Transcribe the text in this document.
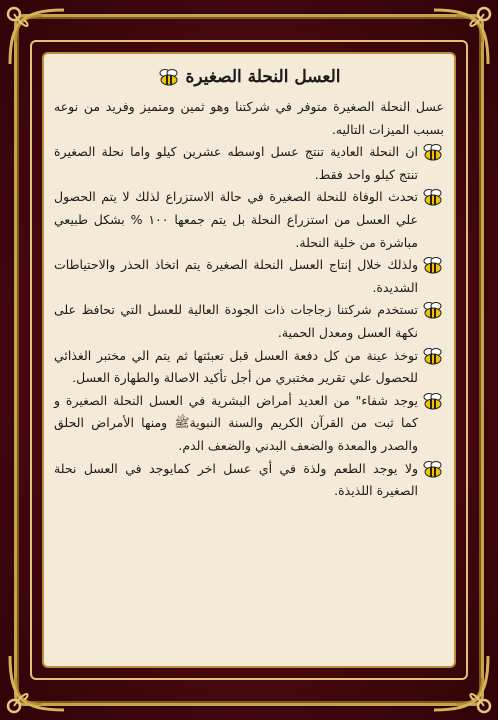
العسل النحلة الصغيرة

عسل النحلة الصغيرة متوفر في شركتنا وهو ثمين ومتميز وفريد من نوعه بسبب الميزات التاليه.

ان النحلة العادية تنتج عسل اوسطه عشرين كيلو واما نحلة الصغيرة تنتج كيلو واحد فقط.

تحدث الوفاة للنحلة الصغيرة في حالة الاستزراع لذلك لا يتم الحصول علي العسل من استزراع النحلة بل يتم جمعها ١٠٠ % بشكل طبيعي مباشرة من خلية النحلة.

ولذلك خلال إنتاج العسل النحلة الصغيرة يتم اتخاذ الحذر والاحتياطات الشديدة.

تستخدم شركتنا زجاجات ذات الجودة العالية للعسل التي تحافظ على نكهة العسل ومعدل الحمية.

توخذ عينة من كل دفعة العسل قبل تعبئتها ثم يتم الي مختبر الغذائي للحصول علي تقرير مختبري من أجل تأكيد الاصالة والطهارة العسل.

يوجد شفاء" من العديد أمراض البشرية في العسل النحلة الصغيرة و كما ثبت من القرآن الكريم والسنة النبويةﷺ ومنها الأمراض الحلق والصدر والمعدة والضعف البدني والضعف الدم.

ولا يوجد الطعم ولذة في أي عسل اخر كمايوجد في العسل نحلة الصغيرة اللذيذة.
